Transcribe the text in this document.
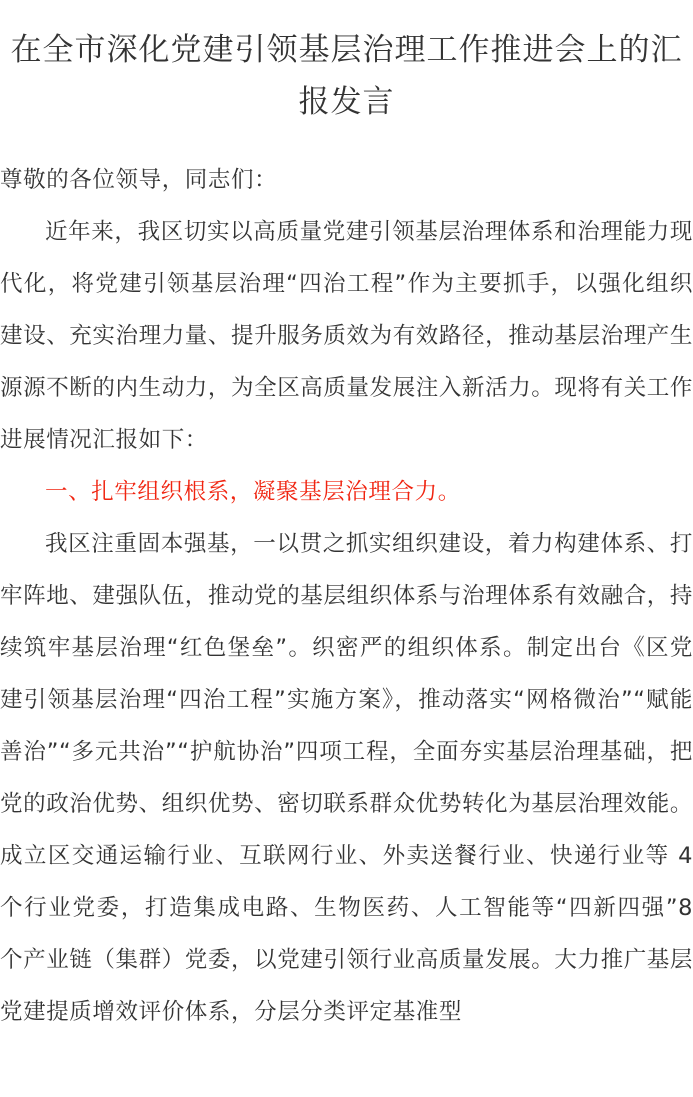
在全市深化党建引领基层治理工作推进会上的汇报发言

尊敬的各位领导，同志们：

近年来，我区切实以高质量党建引领基层治理体系和治理能力现代化，将党建引领基层治理“四治工程”作为主要抓手，以强化组织建设、充实治理力量、提升服务质效为有效路径，推动基层治理产生源源不断的内生动力，为全区高质量发展注入新活力。现将有关工作进展情况汇报如下：

一、扎牢组织根系，凝聚基层治理合力。

我区注重固本强基，一以贯之抓实组织建设，着力构建体系、打牢阵地、建强队伍，推动党的基层组织体系与治理体系有效融合，持续筑牢基层治理“红色堡垒”。织密严的组织体系。制定出台《区党建引领基层治理“四治工程”实施方案》，推动落实“网格微治”“赋能善治”“多元共治”“护航协治”四项工程，全面夯实基层治理基础，把党的政治优势、组织优势、密切联系群众优势转化为基层治理效能。成立区交通运输行业、互联网行业、外卖送餐行业、快递行业等 4 个行业党委，打造集成电路、生物医药、人工智能等“四新四强”8 个产业链（集群）党委，以党建引领行业高质量发展。大力推广基层党建提质增效评价体系，分层分类评定基准型
